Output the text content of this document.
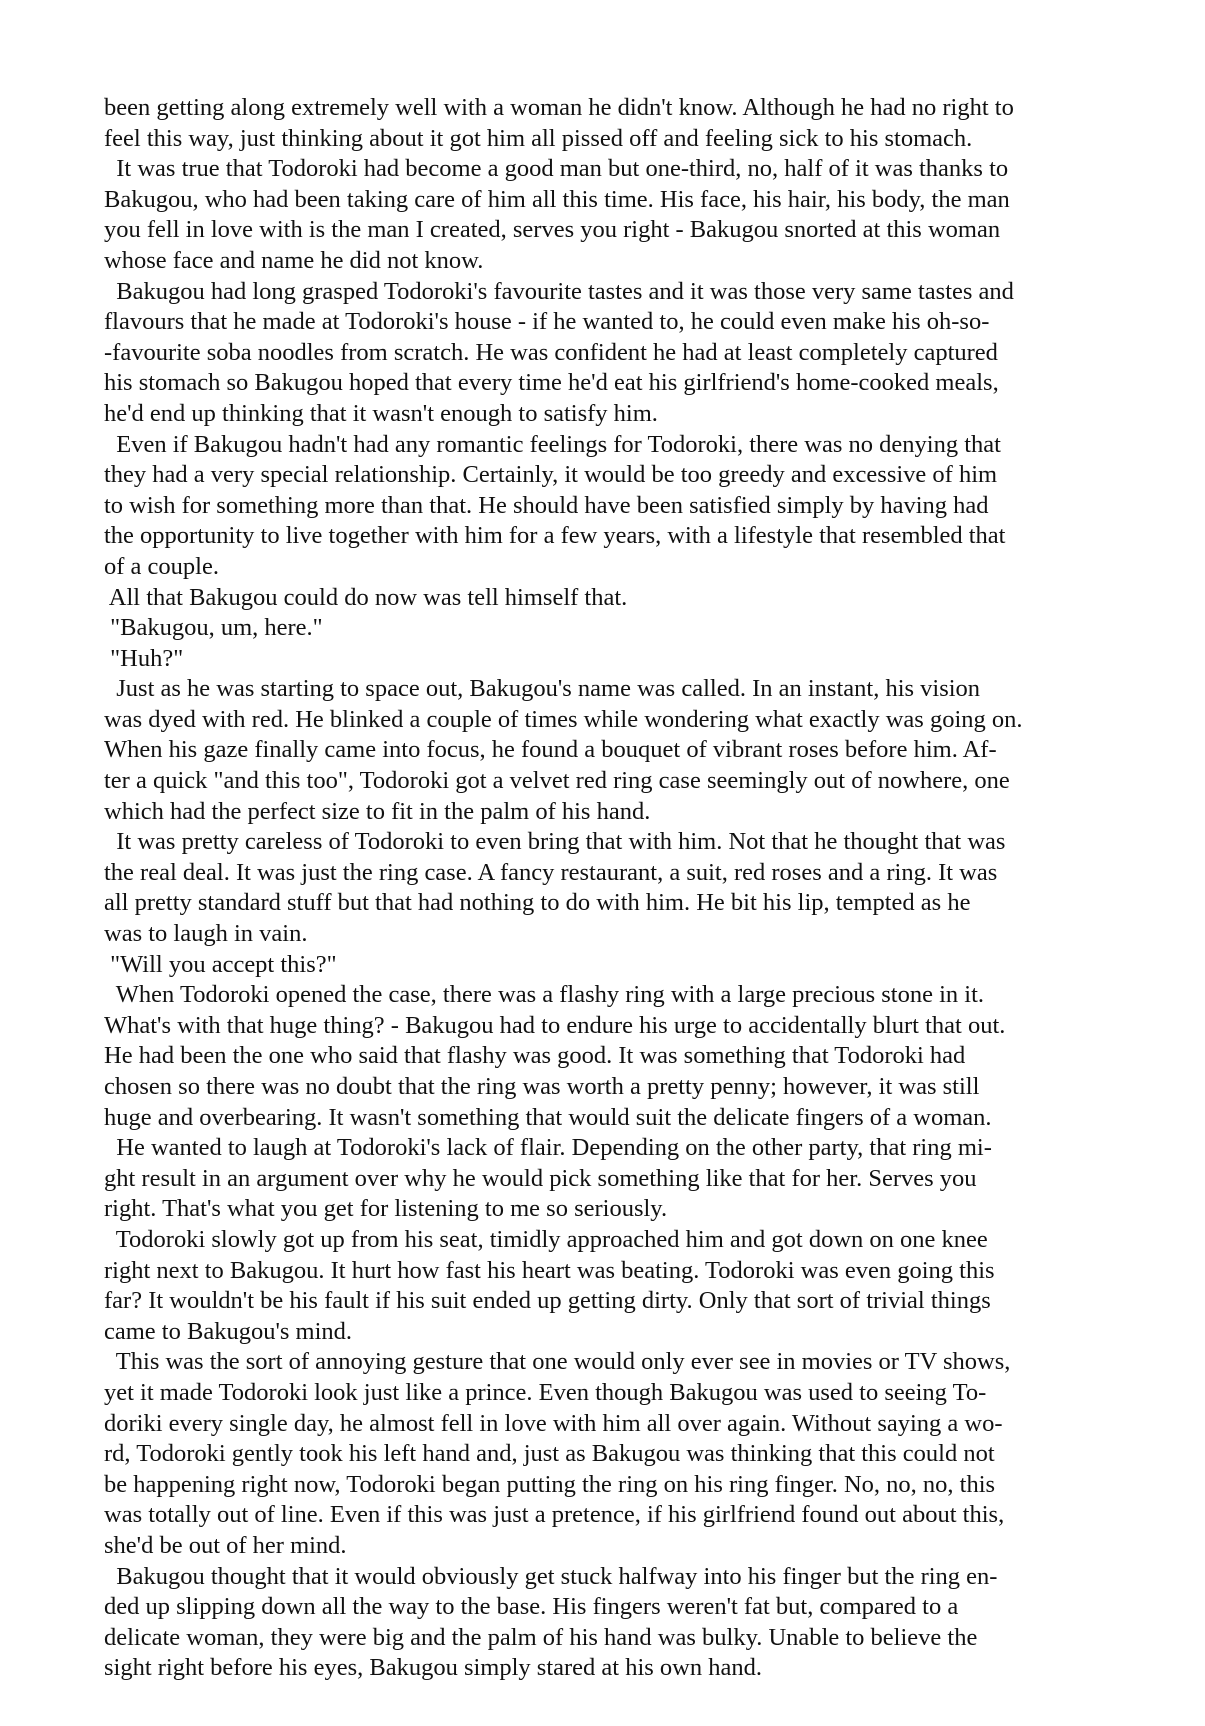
been getting along extremely well with a woman he didn't know. Although he had no right to
feel this way, just thinking about it got him all pissed off and feeling sick to his stomach.
It was true that Todoroki had become a good man but one-third, no, half of it was thanks to
Bakugou, who had been taking care of him all this time. His face, his hair, his body, the man
you fell in love with is the man I created, serves you right - Bakugou snorted at this woman
whose face and name he did not know.
Bakugou had long grasped Todoroki's favourite tastes and it was those very same tastes and
flavours that he made at Todoroki's house - if he wanted to, he could even make his oh-so-
-favourite soba noodles from scratch. He was confident he had at least completely captured
his stomach so Bakugou hoped that every time he'd eat his girlfriend's home-cooked meals,
he'd end up thinking that it wasn't enough to satisfy him.
Even if Bakugou hadn't had any romantic feelings for Todoroki, there was no denying that
they had a very special relationship. Certainly, it would be too greedy and excessive of him
to wish for something more than that. He should have been satisfied simply by having had
the opportunity to live together with him for a few years, with a lifestyle that resembled that
of a couple.
All that Bakugou could do now was tell himself that.
"Bakugou, um, here."
"Huh?"
Just as he was starting to space out, Bakugou's name was called. In an instant, his vision
was dyed with red. He blinked a couple of times while wondering what exactly was going on.
When his gaze finally came into focus, he found a bouquet of vibrant roses before him. Af-
ter a quick "and this too", Todoroki got a velvet red ring case seemingly out of nowhere, one
which had the perfect size to fit in the palm of his hand.
It was pretty careless of Todoroki to even bring that with him. Not that he thought that was
the real deal. It was just the ring case. A fancy restaurant, a suit, red roses and a ring. It was
all pretty standard stuff but that had nothing to do with him. He bit his lip, tempted as he
was to laugh in vain.
"Will you accept this?"
When Todoroki opened the case, there was a flashy ring with a large precious stone in it.
What's with that huge thing? - Bakugou had to endure his urge to accidentally blurt that out.
He had been the one who said that flashy was good. It was something that Todoroki had
chosen so there was no doubt that the ring was worth a pretty penny; however, it was still
huge and overbearing. It wasn't something that would suit the delicate fingers of a woman.
He wanted to laugh at Todoroki's lack of flair. Depending on the other party, that ring mi-
ght result in an argument over why he would pick something like that for her. Serves you
right. That's what you get for listening to me so seriously.
Todoroki slowly got up from his seat, timidly approached him and got down on one knee
right next to Bakugou. It hurt how fast his heart was beating. Todoroki was even going this
far? It wouldn't be his fault if his suit ended up getting dirty. Only that sort of trivial things
came to Bakugou's mind.
This was the sort of annoying gesture that one would only ever see in movies or TV shows,
yet it made Todoroki look just like a prince. Even though Bakugou was used to seeing To-
doriki every single day, he almost fell in love with him all over again. Without saying a wo-
rd, Todoroki gently took his left hand and, just as Bakugou was thinking that this could not
be happening right now, Todoroki began putting the ring on his ring finger. No, no, no, this
was totally out of line. Even if this was just a pretence, if his girlfriend found out about this,
she'd be out of her mind.
Bakugou thought that it would obviously get stuck halfway into his finger but the ring en-
ded up slipping down all the way to the base. His fingers weren't fat but, compared to a
delicate woman, they were big and the palm of his hand was bulky. Unable to believe the
sight right before his eyes, Bakugou simply stared at his own hand.
